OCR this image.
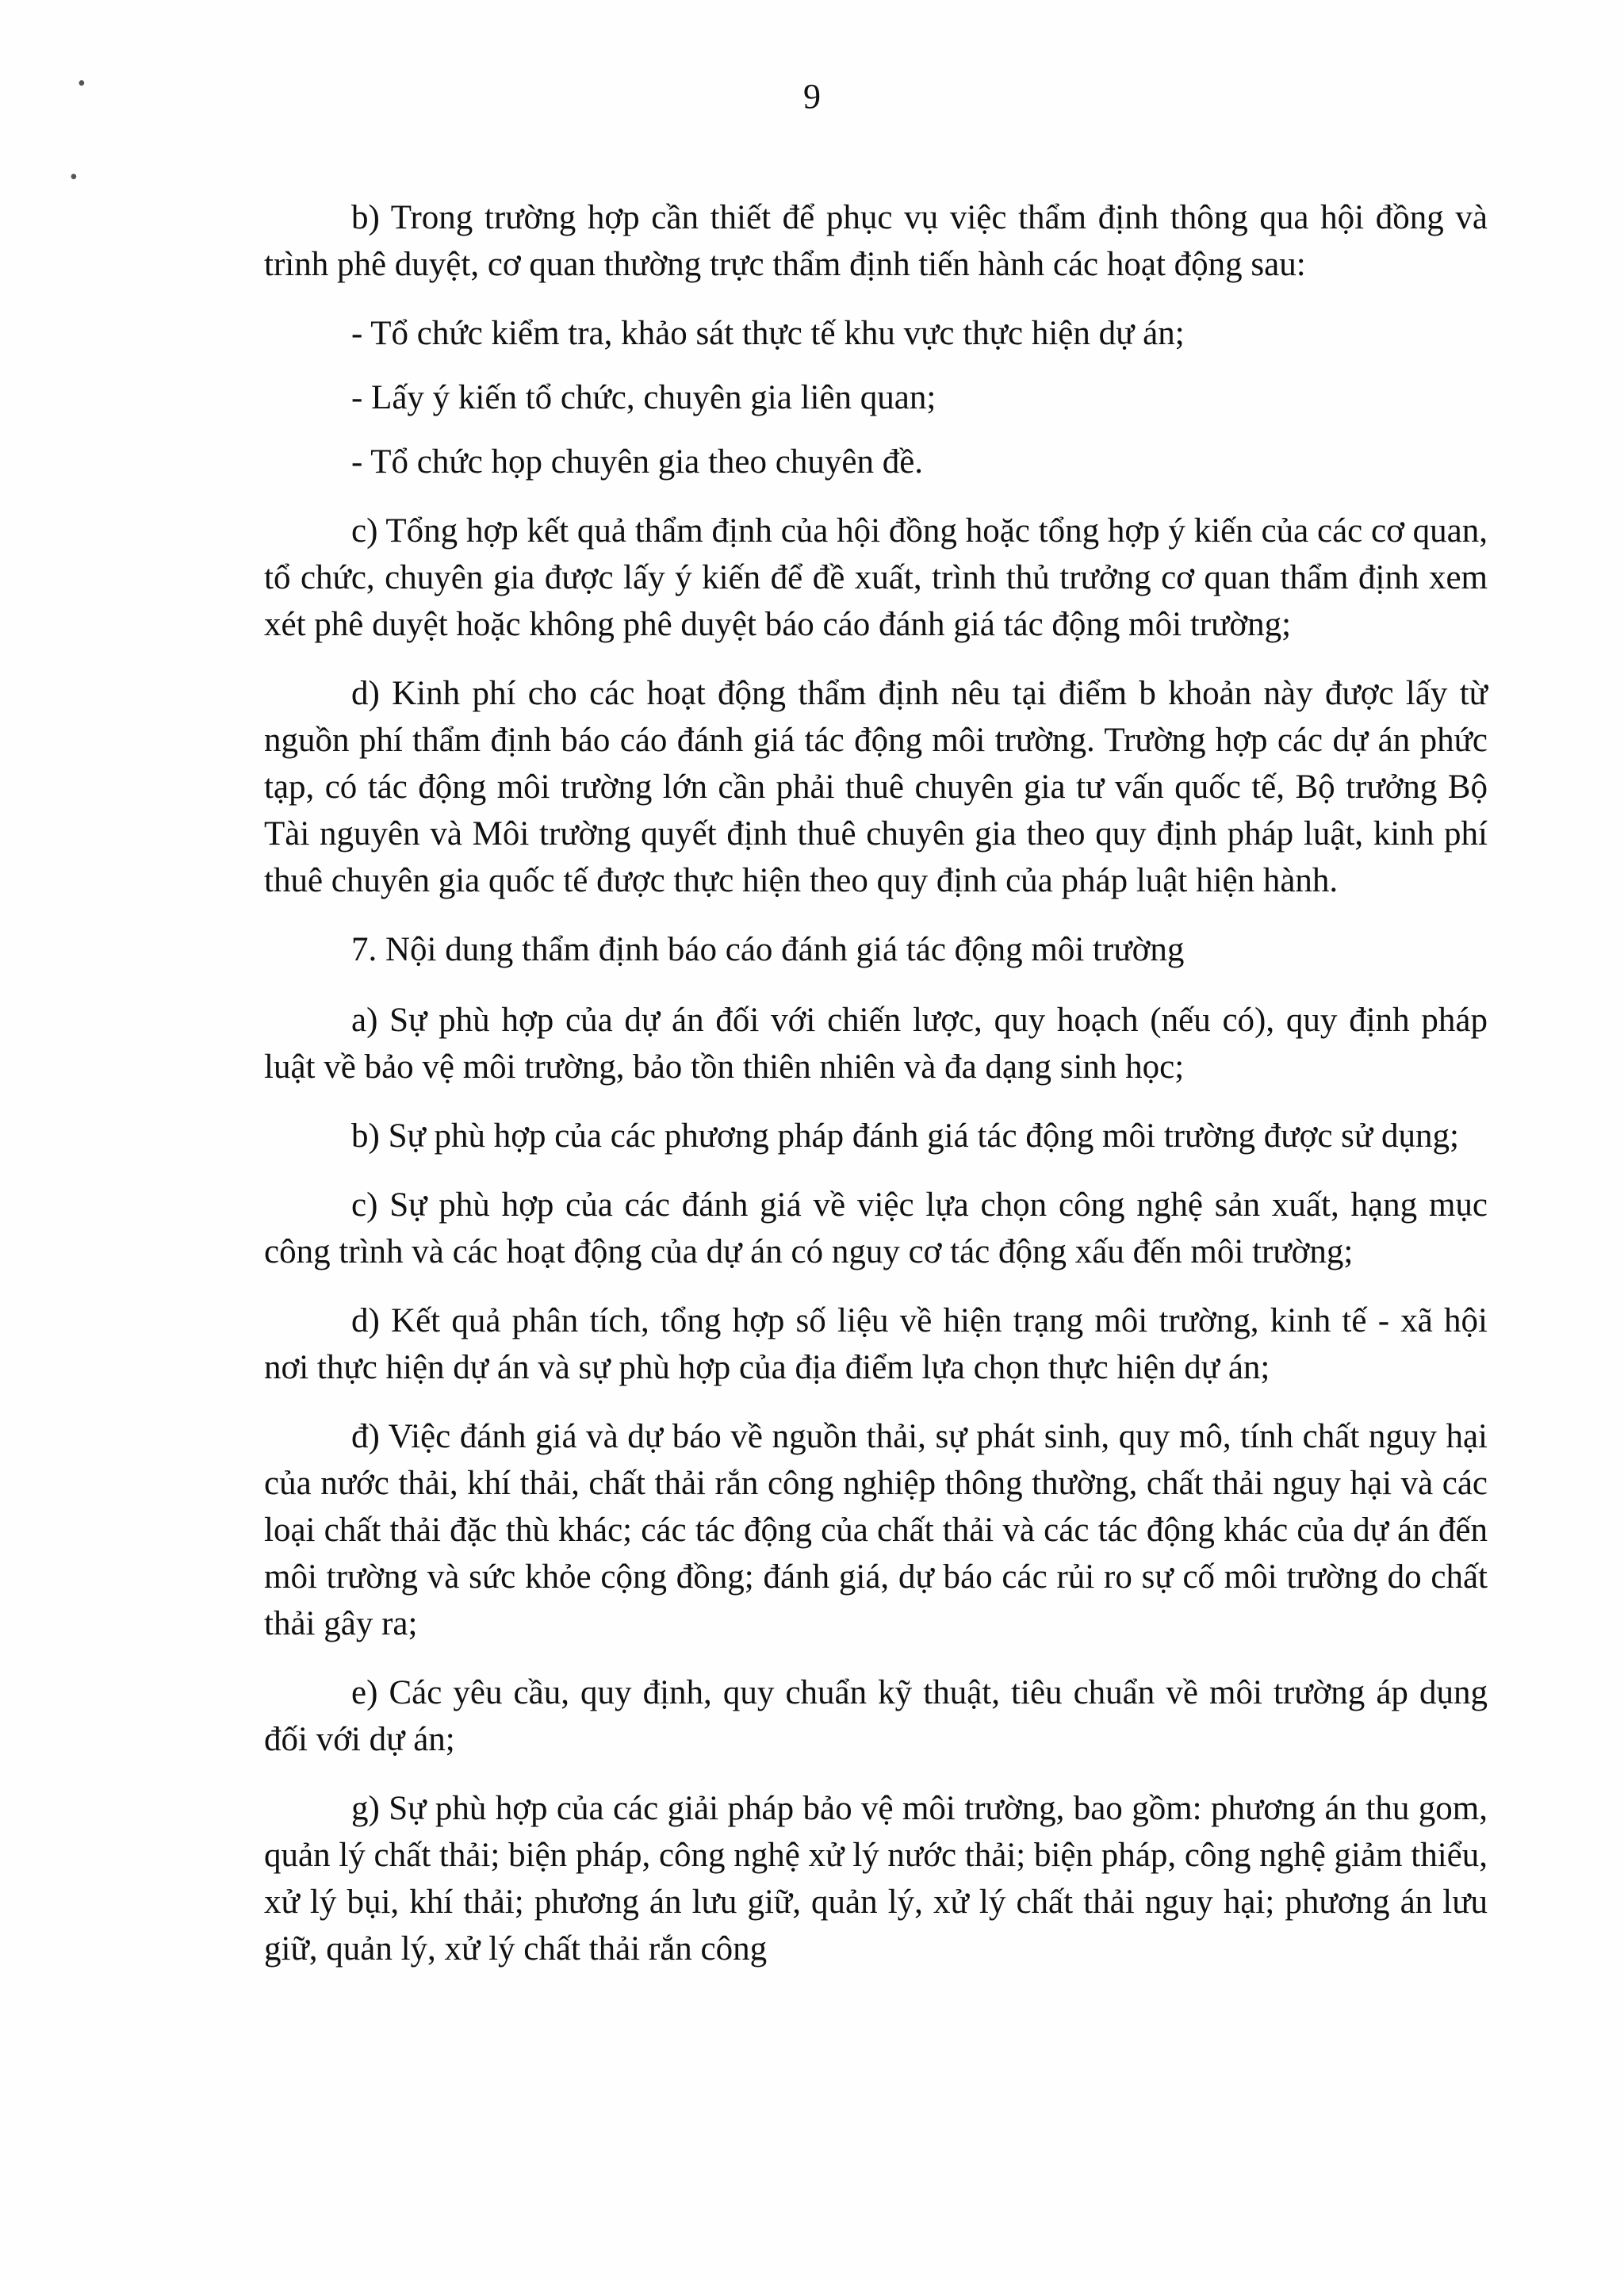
•
•
9

b) Trong trường hợp cần thiết để phục vụ việc thẩm định thông qua hội đồng và trình phê duyệt, cơ quan thường trực thẩm định tiến hành các hoạt động sau:

- Tổ chức kiểm tra, khảo sát thực tế khu vực thực hiện dự án;

- Lấy ý kiến tổ chức, chuyên gia liên quan;

- Tổ chức họp chuyên gia theo chuyên đề.

c) Tổng hợp kết quả thẩm định của hội đồng hoặc tổng hợp ý kiến của các cơ quan, tổ chức, chuyên gia được lấy ý kiến để đề xuất, trình thủ trưởng cơ quan thẩm định xem xét phê duyệt hoặc không phê duyệt báo cáo đánh giá tác động môi trường;

d) Kinh phí cho các hoạt động thẩm định nêu tại điểm b khoản này được lấy từ nguồn phí thẩm định báo cáo đánh giá tác động môi trường. Trường hợp các dự án phức tạp, có tác động môi trường lớn cần phải thuê chuyên gia tư vấn quốc tế, Bộ trưởng Bộ Tài nguyên và Môi trường quyết định thuê chuyên gia theo quy định pháp luật, kinh phí thuê chuyên gia quốc tế được thực hiện theo quy định của pháp luật hiện hành.

7. Nội dung thẩm định báo cáo đánh giá tác động môi trường

a) Sự phù hợp của dự án đối với chiến lược, quy hoạch (nếu có), quy định pháp luật về bảo vệ môi trường, bảo tồn thiên nhiên và đa dạng sinh học;

b) Sự phù hợp của các phương pháp đánh giá tác động môi trường được sử dụng;

c) Sự phù hợp của các đánh giá về việc lựa chọn công nghệ sản xuất, hạng mục công trình và các hoạt động của dự án có nguy cơ tác động xấu đến môi trường;

d) Kết quả phân tích, tổng hợp số liệu về hiện trạng môi trường, kinh tế - xã hội nơi thực hiện dự án và sự phù hợp của địa điểm lựa chọn thực hiện dự án;

đ) Việc đánh giá và dự báo về nguồn thải, sự phát sinh, quy mô, tính chất nguy hại của nước thải, khí thải, chất thải rắn công nghiệp thông thường, chất thải nguy hại và các loại chất thải đặc thù khác; các tác động của chất thải và các tác động khác của dự án đến môi trường và sức khỏe cộng đồng; đánh giá, dự báo các rủi ro sự cố môi trường do chất thải gây ra;

e) Các yêu cầu, quy định, quy chuẩn kỹ thuật, tiêu chuẩn về môi trường áp dụng đối với dự án;

g) Sự phù hợp của các giải pháp bảo vệ môi trường, bao gồm: phương án thu gom, quản lý chất thải; biện pháp, công nghệ xử lý nước thải; biện pháp, công nghệ giảm thiểu, xử lý bụi, khí thải; phương án lưu giữ, quản lý, xử lý chất thải nguy hại; phương án lưu giữ, quản lý, xử lý chất thải rắn công
